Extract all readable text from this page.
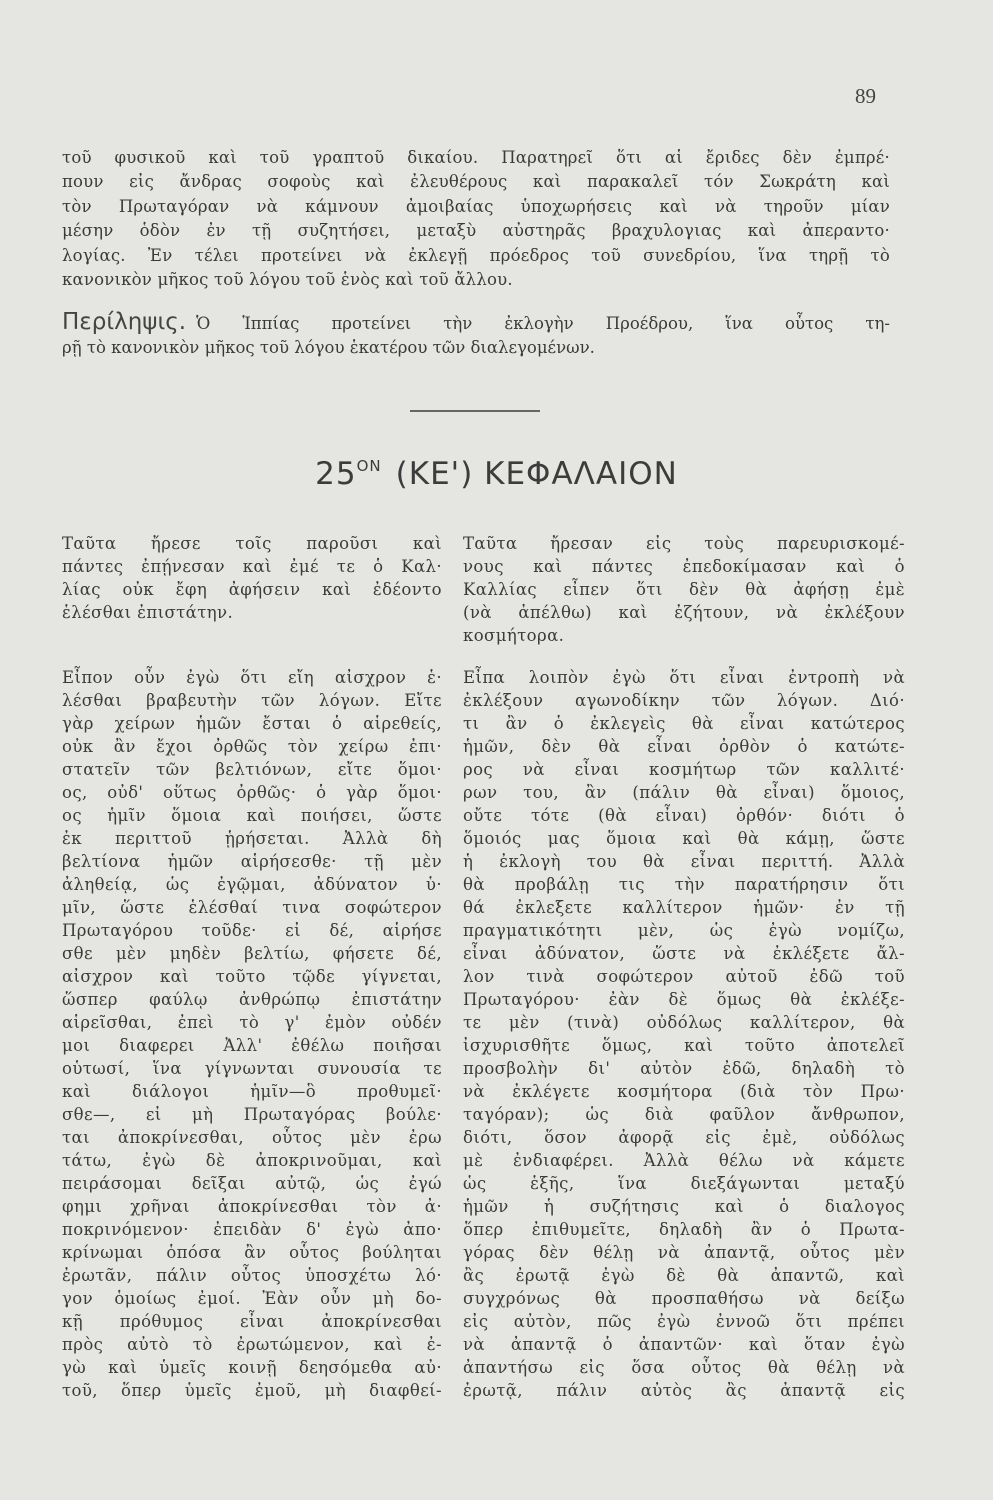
89
τοῦ φυσικοῦ καὶ τοῦ γραπτοῦ δικαίου. Παρατηρεῖ ὅτι αἱ ἔριδες δὲν ἐμπρέ·
πουν εἰς ἄνδρας σοφοὺς καὶ ἐλευθέρους καὶ παρακαλεῖ τόν Σωκράτη καὶ
τὸν Πρωταγόραν νὰ κάμνουν ἀμοιβαίας ὑποχωρήσεις καὶ νὰ τηροῦν μίαν
μέσην ὁδὸν ἐν τῇ συζητήσει, μεταξὺ αὐστηρᾶς βραχυλογιας καὶ ἀπεραντο·
λογίας. Ἐν τέλει προτείνει νὰ ἐκλεγῇ πρόεδρος τοῦ συνεδρίου, ἵνα τηρῇ τὸ
κανονικὸν μῆκος τοῦ λόγου τοῦ ἑνὸς καὶ τοῦ ἄλλου.
Περίληψις. Ὁ Ἱππίας προτείνει τὴν ἐκλογὴν Προέδρου, ἵνα οὗτος τη-
ρῇ τὸ κανονικὸν μῆκος τοῦ λόγου ἑκατέρου τῶν διαλεγομένων.
$25^{ON}$ (ΚΕ') ΚΕΦΑΛΑΙΟΝ
Ταῦτα ἤρεσε τοῖς παροῦσι καὶ
πάντες ἐπῄνεσαν καὶ ἐμέ τε ὁ Καλ·
λίας οὐκ ἔφη ἀφήσειν καὶ ἐδέοντο
ἑλέσθαι ἐπιστάτην.
Ταῦτα ἤρεσαν εἰς τοὺς παρευρισκομέ-
νους καὶ πάντες ἐπεδοκίμασαν καὶ ὁ
Καλλίας εἶπεν ὅτι δὲν θὰ ἀφήσῃ ἐμὲ
(νὰ ἀπέλθω) καὶ ἐζήτουν, νὰ ἐκλέξουν
κοσμήτορα.
Εἶπον οὖν ἐγὼ ὅτι εἴη αἰσχρον ἑ·
λέσθαι βραβευτὴν τῶν λόγων. Εἴτε
γὰρ χείρων ἡμῶν ἔσται ὁ αἱρεθείς,
οὐκ ἂν ἔχοι ὀρθῶς τὸν χείρω ἐπι·
στατεῖν τῶν βελτιόνων, εἴτε ὅμοι·
ος, οὐδ' οὕτως ὀρθῶς· ὁ γὰρ ὅμοι·
ος ἡμῖν ὅμοια καὶ ποιήσει, ὥστε
ἐκ περιττοῦ ᾑρήσεται. Ἀλλὰ δὴ
βελτίονα ἡμῶν αἱρήσεσθε· τῇ μὲν
ἀληθείᾳ, ὡς ἐγῷμαι, ἀδύνατον ὑ·
μῖν, ὥστε ἑλέσθαί τινα σοφώτερον
Πρωταγόρου τοῦδε· εἰ δέ, αἱρήσε
σθε μὲν μηδὲν βελτίω, φήσετε δέ,
αἰσχρον καὶ τοῦτο τῷδε γίγνεται,
ὥσπερ φαύλῳ ἀνθρώπῳ ἐπιστάτην
αἱρεῖσθαι, ἐπεὶ τὸ γ' ἐμὸν οὐδέν
μοι διαφερει Ἀλλ' ἐθέλω ποιῆσαι
οὑτωσί, ἵνα γίγνωνται συνουσία τε
καὶ διάλογοι ἡμῖν—ὃ προθυμεῖ·
σθε—, εἰ μὴ Πρωταγόρας βούλε·
ται ἀποκρίνεσθαι, οὗτος μὲν ἐρω
τάτω, ἐγὼ δὲ ἀποκρινοῦμαι, καὶ
πειράσομαι δεῖξαι αὐτῷ, ὡς ἐγώ
φημι χρῆναι ἀποκρίνεσθαι τὸν ἀ·
ποκρινόμενον· ἐπειδὰν δ' ἐγὼ ἀπο·
κρίνωμαι ὁπόσα ἂν οὗτος βούληται
ἐρωτᾶν, πάλιν οὗτος ὑποσχέτω λό·
γον ὁμοίως ἐμοί. Ἐὰν οὖν μὴ δο-
κῇ πρόθυμος εἶναι ἀποκρίνεσθαι
πρὸς αὐτὸ τὸ ἐρωτώμενον, καὶ ἐ-
γὼ καὶ ὑμεῖς κοινῇ δεησόμεθα αὐ·
τοῦ, ὅπερ ὑμεῖς ἐμοῦ, μὴ διαφθεί-
Εἶπα λοιπὸν ἐγὼ ὅτι εἶναι ἐντροπὴ νὰ
ἐκλέξουν αγωνοδίκην τῶν λόγων. Διό·
τι ἂν ὁ ἐκλεγεὶς θὰ εἶναι κατώτερος
ἡμῶν, δὲν θὰ εἶναι ὀρθὸν ὁ κατώτε-
ρος νὰ εἶναι κοσμήτωρ τῶν καλλιτέ·
ρων του, ἂν (πάλιν θὰ εἶναι) ὅμοιος,
οὔτε τότε (θὰ εἶναι) ὀρθόν· διότι ὁ
ὅμοιός μας ὅμοια καὶ θὰ κάμῃ, ὥστε
ἡ ἐκλογὴ του θὰ εἶναι περιττή. Ἀλλὰ
θὰ προβάλῃ τις τὴν παρατήρησιν ὅτι
θά ἐκλεξετε καλλίτερον ἡμῶν· ἐν τῇ
πραγματικότητι μὲν, ὡς ἐγὼ νομίζω,
εἶναι ἀδύνατον, ὥστε νὰ ἐκλέξετε ἄλ-
λον τινὰ σοφώτερον αὐτοῦ ἐδῶ τοῦ
Πρωταγόρου· ἐὰν δὲ ὅμως θὰ ἐκλέξε-
τε μὲν (τινὰ) οὐδόλως καλλίτερον, θὰ
ἰσχυρισθῆτε ὅμως, καὶ τοῦτο ἀποτελεῖ
προσβολὴν δι' αὐτὸν ἐδῶ, δηλαδὴ τὸ
νὰ ἐκλέγετε κοσμήτορα (διὰ τὸν Πρω·
ταγόραν); ὡς διὰ φαῦλον ἄνθρωπον,
διότι, ὅσον ἀφορᾷ εἰς ἐμὲ, οὐδόλως
μὲ ἐνδιαφέρει. Ἀλλὰ θέλω νὰ κάμετε
ὡς ἑξῆς, ἵνα διεξάγωνται μεταξύ
ἡμῶν ἡ συζήτησις καὶ ὁ διαλογος
ὅπερ ἐπιθυμεῖτε, δηλαδὴ ἂν ὁ Πρωτα-
γόρας δὲν θέλῃ νὰ ἀπαντᾷ, οὗτος μὲν
ἂς ἐρωτᾷ ἐγὼ δὲ θὰ ἀπαντῶ, καὶ
συγχρόνως θὰ προσπαθήσω νὰ δείξω
εἰς αὐτὸν, πῶς ἐγὼ ἐννοῶ ὅτι πρέπει
νὰ ἀπαντᾷ ὁ ἀπαντῶν· καὶ ὅταν ἐγὼ
ἀπαντήσω εἰς ὅσα οὗτος θὰ θέλῃ νὰ
ἐρωτᾷ, πάλιν αὐτὸς ἂς ἀπαντᾷ εἰς
